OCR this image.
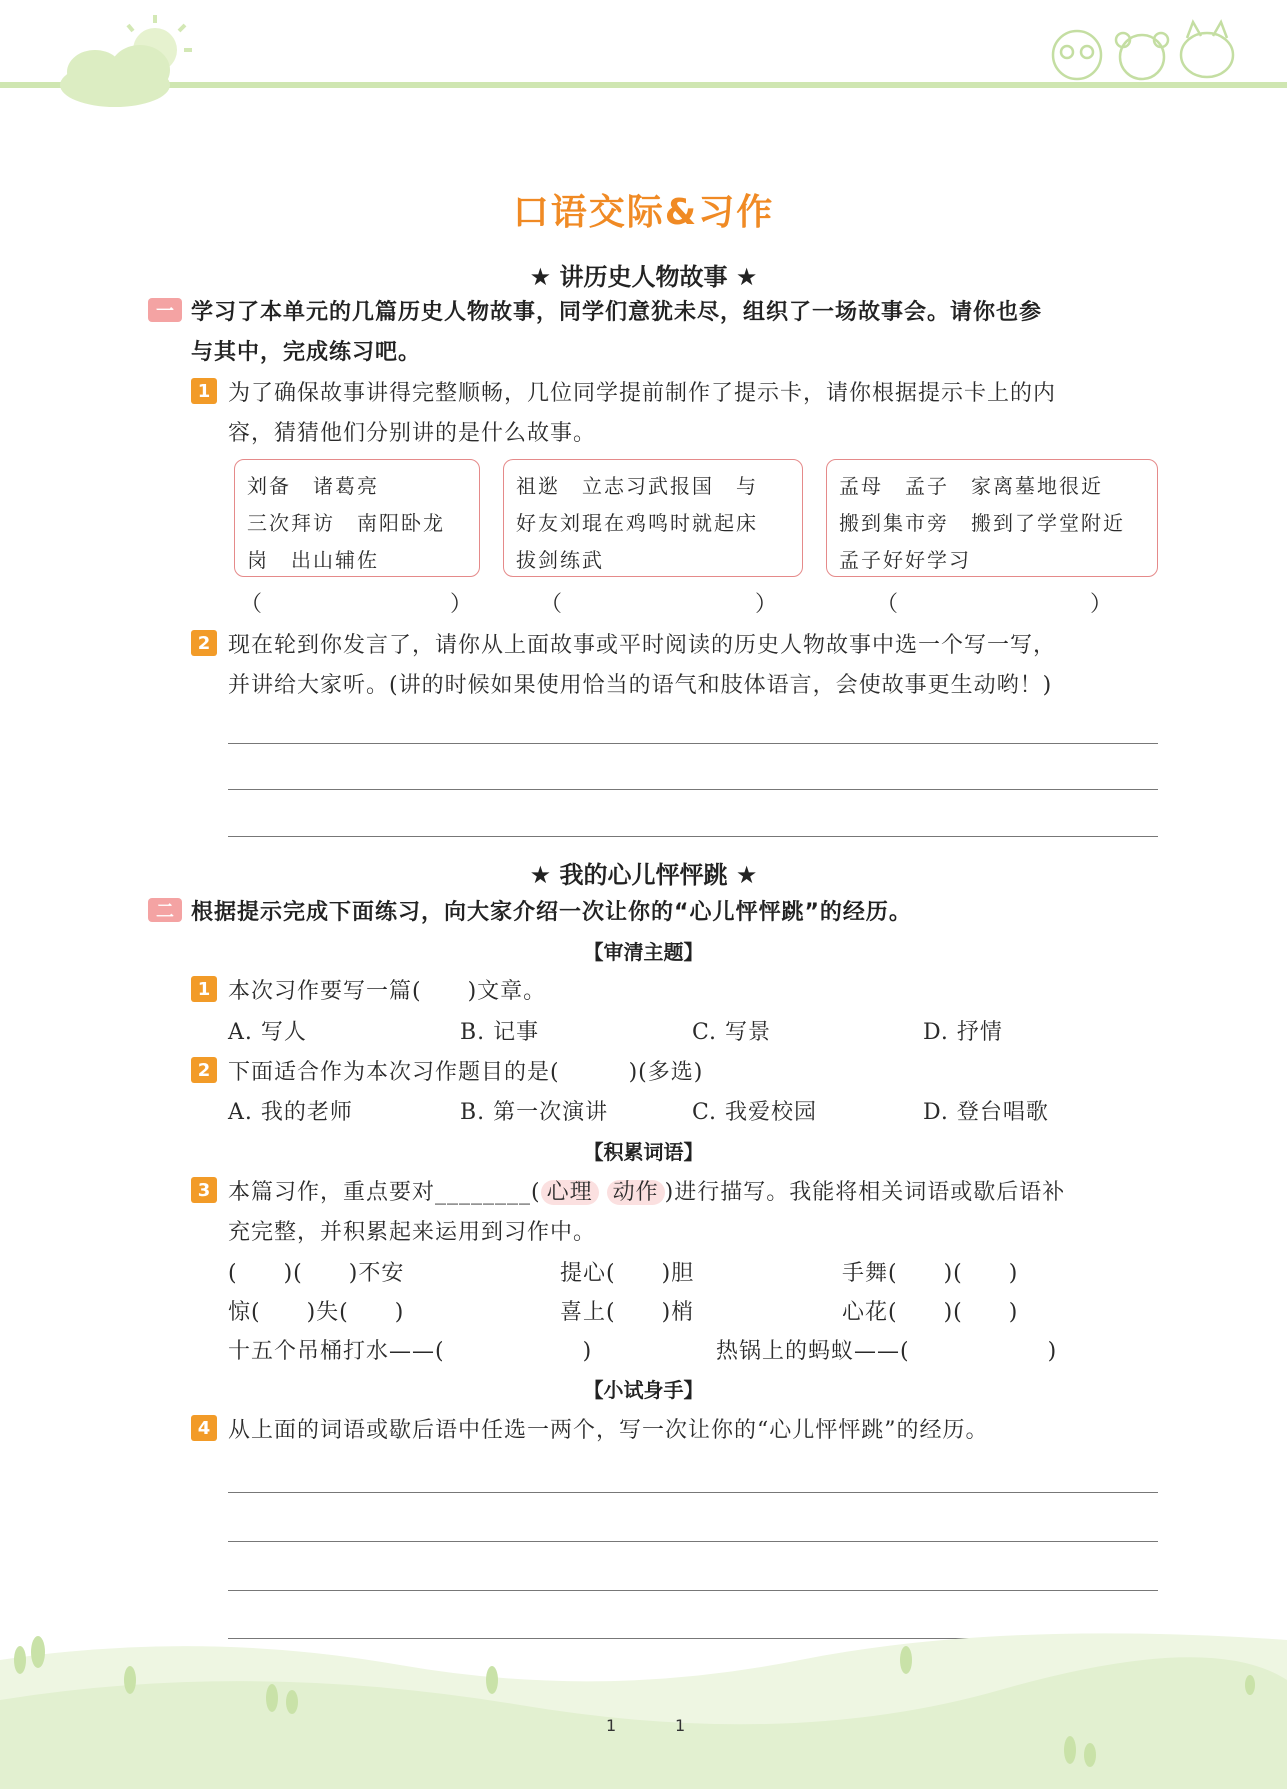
口语交际&习作
★ 讲历史人物故事 ★
一 学习了本单元的几篇历史人物故事，同学们意犹未尽，组织了一场故事会。请你也参
与其中，完成练习吧。
1 为了确保故事讲得完整顺畅，几位同学提前制作了提示卡，请你根据提示卡上的内
容，猜猜他们分别讲的是什么故事。
刘备　诸葛亮
三次拜访　南阳卧龙
岗　出山辅佐
祖逖　立志习武报国　与
好友刘琨在鸡鸣时就起床
拔剑练武
孟母　孟子　家离墓地很近
搬到集市旁　搬到了学堂附近
孟子好好学习
（	）	（	）	（	）
2 现在轮到你发言了，请你从上面故事或平时阅读的历史人物故事中选一个写一写，
并讲给大家听。(讲的时候如果使用恰当的语气和肢体语言，会使故事更生动哟！)
★ 我的心儿怦怦跳 ★
二 根据提示完成下面练习，向大家介绍一次让你的“心儿怦怦跳”的经历。
【审清主题】
1 本次习作要写一篇(　　)文章。
A. 写人	B. 记事	C. 写景	D. 抒情
2 下面适合作为本次习作题目的是(　　　)(多选)
A. 我的老师	B. 第一次演讲	C. 我爱校园	D. 登台唱歌
【积累词语】
3 本篇习作，重点要对________( 心理 动作 )进行描写。我能将相关词语或歇后语补
充完整，并积累起来运用到习作中。
(　　)(　　)不安	提心(　　)胆	手舞(　　)(　　)
惊(　　)失(　　)	喜上(　　)梢	心花(　　)(　　)
十五个吊桶打水——(　　　　　　)	热锅上的蚂蚁——(　　　　　　)
【小试身手】
4 从上面的词语或歇后语中任选一两个，写一次让你的“心儿怦怦跳”的经历。
1	1
